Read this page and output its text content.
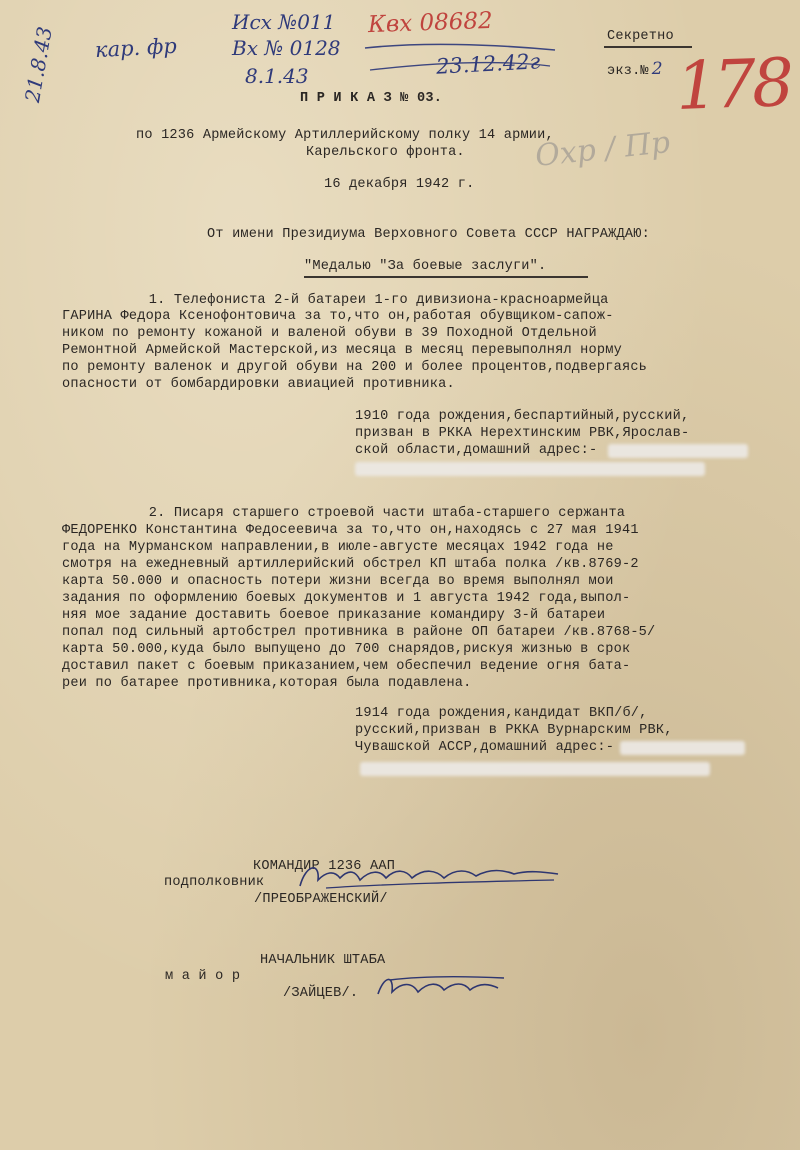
кар. фр
21.8.43
Исх №011
Вх № 0128
8.1.43
Квх 08682
23.12.42г
Секретно
экз.№ 2 178
Охр / Пр
П Р И К А З № 03.
по 1236 Армейскому Артиллерийскому полку 14 армии,
Карельского фронта.
16 декабря 1942 г.
От имени Президиума Верховного Совета СССР НАГРАЖДАЮ:
"Медалью "За боевые заслуги".
1. Телефониста 2-й батареи 1-го дивизиона-красноармейца
ГАРИНА Федора Ксенофонтовича за то,что он,работая обувщиком-сапож-
ником по ремонту кожаной и валеной обуви в 39 Походной Отдельной
Ремонтной Армейской Мастерской,из месяца в месяц перевыполнял норму
по ремонту валенок и другой обуви на 200 и более процентов,подвергаясь
опасности от бомбардировки авиацией противника.
1910 года рождения,беспартийный,русский,
призван в РККА Нерехтинским РВК,Ярослав-
ской области,домашний адрес:-
2. Писаря старшего строевой части штаба-старшего сержанта
ФЕДОРЕНКО Константина Федосеевича за то,что он,находясь с 27 мая 1941
года на Мурманском направлении,в июле-августе месяцах 1942 года не
смотря на ежедневный артиллерийский обстрел КП штаба полка /кв.8769-2
карта 50.000 и опасность потери жизни всегда во время выполнял мои
задания по оформлению боевых документов и 1 августа 1942 года,выпол-
няя мое задание доставить боевое приказание командиру 3-й батареи
попал под сильный артобстрел противника в районе ОП батареи /кв.8768-5/
карта 50.000,куда было выпущено до 700 снарядов,рискуя жизнью в срок
доставил пакет с боевым приказанием,чем обеспечил ведение огня бата-
реи по батарее противника,которая была подавлена.
1914 года рождения,кандидат ВКП/б/,
русский,призван в РККА Вурнарским РВК,
Чувашской АССР,домашний адрес:-
КОМАНДИР 1236 ААП
подполковник
/ПРЕОБРАЖЕНСКИЙ/
НАЧАЛЬНИК ШТАБА
м а й о р
/ЗАЙЦЕВ/.
